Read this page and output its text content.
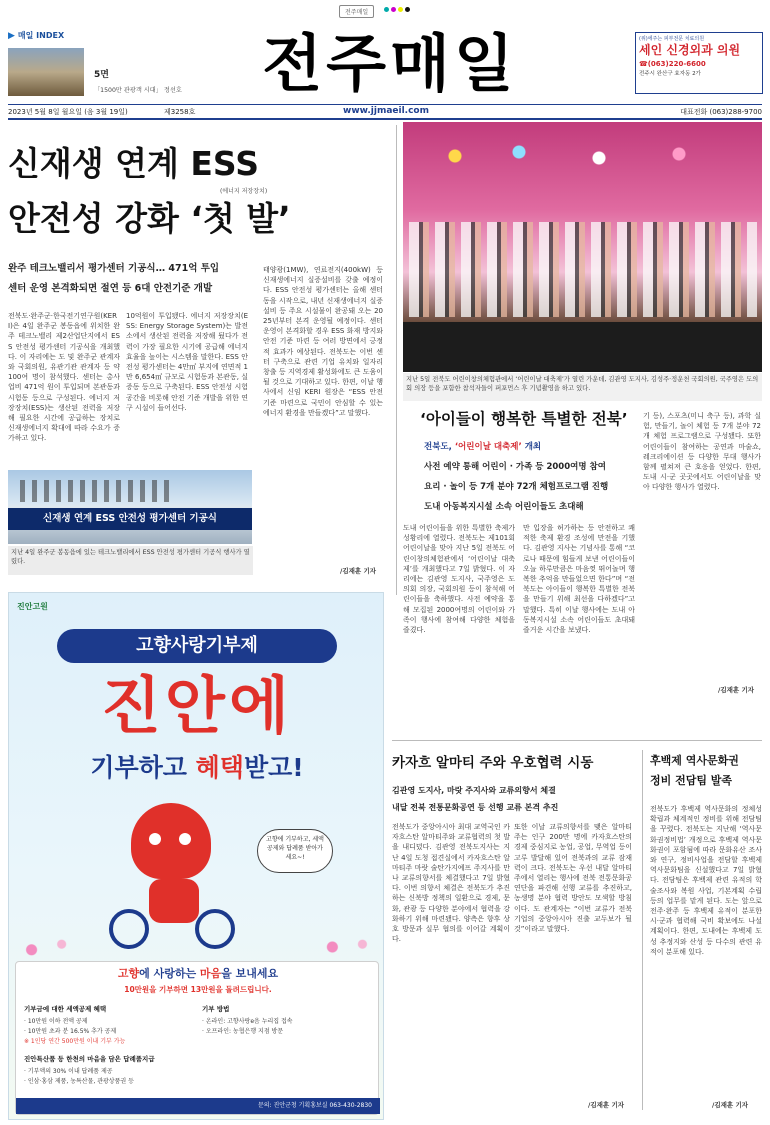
전주매일
▶ 매일 INDEX
5면
「1500만 관광객 시대」 정선호 전주매일	(위)에주는 피부전문 치료의원
세인 신경외과 의원
☎(063)220-6600
전주시 완산구 효자동 2가
2023년 5월 8일 월요일 (음 3월 19일)	제3258호	www.jjmaeil.com	대표전화 (063)288-9700
신재생 연계 ESS
(에너지 저장장치)
안전성 강화 ‘첫 발’
완주 테크노밸리서 평가센터 기공식… 471억 투입
센터 운영 본격화되면 절연 등 6대 안전기준 개발
전북도·완주군·한국전기연구원(KERI)은 4일 완주군 봉동읍에 위치한 완주 테크노밸리 제2산업단지에서 ESS 안전성 평가센터 기공식을 개최했다. 이 자리에는 도 및 완주군 관계자와 국회의원, 유관기관 관계자 등 약 100여 명이 참석했다. 센터는 총사업비 471억 원이 투입되며 본관동과 시험동 등으로 구성된다. 에너지 저장장치(ESS)는 생산된 전력을 저장해 필요한 시간에 공급하는 장치로 신재생에너지 확대에 따라 수요가 증가하고 있다.
10억원이 투입됐다. 에너지 저장장치(ESS: Energy Storage System)는 발전소에서 생산된 전력을 저장해 뒀다가 전력이 가장 필요한 시기에 공급해 에너지 효율을 높이는 시스템을 말한다. ESS 안전성 평가센터는 4만㎡ 부지에 연면적 1만 6,654㎡ 규모로 시험동과 본관동, 실증동 등으로 구축된다. ESS 안전성 시험 공간을 비롯해 안전 기준 개발을 위한 연구 시설이 들어선다.
태양광(1MW), 연료전지(400kW) 등 신재생에너지 실증설비를 갖출 예정이다. ESS 안전성 평가센터는 올해 센터동을 시작으로, 내년 신재생에너지 실증설비 등 주요 시설물이 완공돼 오는 2025년부터 본격 운영될 예정이다. 센터 운영이 본격화할 경우 ESS 화재 방지와 안전 기준 마련 등 여러 방면에서 긍정적 효과가 예상된다. 전북도는 이번 센터 구축으로 관련 기업 유치와 일자리 창출 등 지역경제 활성화에도 큰 도움이 될 것으로 기대하고 있다. 한편, 이날 행사에서 신임 KERI 원장은 “ESS 안전 기준 마련으로 국민이 안심할 수 있는 에너지 환경을 만들겠다”고 말했다.
/김재훈 기자
신재생 연계 ESS 안전성 평가센터 기공식
지난 4일 완주군 봉동읍에 있는 테크노밸리에서 ESS 안전성 평가센터 기공식 행사가 열렸다.
지난 5일 전북도 어린이창의체험관에서 ‘어린이날 대축제’가 열린 가운데, 김관영 도지사, 김성주·정운천 국회의원, 국주영은 도의회 의장 등을 포함한 참석자들이 퍼포먼스 후 기념촬영을 하고 있다.
‘아이들이 행복한 특별한 전북’
전북도, ‘어린이날 대축제’ 개최
사전 예약 통해 어린이 · 가족 등 2000여명 참여
요리 · 놀이 등 7개 분야 72개 체험프로그램 진행
도내 아동복지시설 소속 어린이들도 초대해
도내 어린이들을 위한 특별한 축제가 성황리에 열렸다. 전북도는 제101회 어린이날을 맞아 지난 5일 전북도 어린이창의체험관에서 ‘어린이날 대축제’를 개최했다고 7일 밝혔다. 이 자리에는 김관영 도지사, 국주영은 도의회 의장, 국회의원 등이 참석해 어린이들을 축하했다. 사전 예약을 통해 모집된 2000여명의 어린이와 가족이 행사에 참여해 다양한 체험을 즐겼다.
만 입장을 허가하는 등 안전하고 쾌적한 축제 환경 조성에 만전을 기했다. 김관영 지사는 기념사를 통해 “코로나 때문에 힘들게 보낸 어린이들이 오늘 하루만큼은 마음껏 뛰어놀며 행복한 추억을 만들었으면 한다”며 “전북도는 아이들이 행복한 특별한 전북을 만들기 위해 최선을 다하겠다”고 말했다. 특히 이날 행사에는 도내 아동복지시설 소속 어린이들도 초대돼 즐거운 시간을 보냈다.
기 등), 스포츠(미니 축구 등), 과학 실험, 만들기, 놀이 체험 등 7개 분야 72개 체험 프로그램으로 구성됐다. 또한 어린이들이 참여하는 공연과 마술쇼, 레크리에이션 등 다양한 무대 행사가 함께 펼쳐져 큰 호응을 얻었다. 한편, 도내 시·군 곳곳에서도 어린이날을 맞아 다양한 행사가 열렸다.
/김재훈 기자
진안고원
고향사랑기부제
진안에
기부하고 혜택받고!
고향에 기부하고, 세액공제와 답례품 받아가세요~!
고향에 사랑하는 마음을 보내세요
10만원을 기부하면 13만원을 돌려드립니다.
기부금에 대한 세액공제 혜택
· 10만원 이하 전액 공제
· 10만원 초과 분 16.5% 추가 공제
※ 1인당 연간 500만원 이내 기부 가능
기부 방법
· 온라인: 고향사랑e음 누리집 접속
· 오프라인: 농협은행 지점 방문
진안특산품 등 한천의 마음을 담은 답례품지급
· 기부액의 30% 이내 답례품 제공
· 인삼·홍삼 제품, 농특산물, 관광상품권 등
문의: 진안군청 기획홍보실 063-430-2830
카자흐 알마티 주와 우호협력 시동
김관영 도지사, 마랏 주지사와 교류의향서 체결
내달 전북 전통문화공연 등 선행 교류 본격 추진
전북도가 중앙아시아 최대 교역국인 카자흐스탄 알마티주와 교류협력의 첫 발을 내디뎠다. 김관영 전북도지사는 지난 4일 도청 접견실에서 카자흐스탄 알마티주 마랏 술탄가지예프 주지사를 만나 교류의향서를 체결했다고 7일 밝혔다. 이번 의향서 체결은 전북도가 추진하는 신북방 정책의 일환으로 경제, 문화, 관광 등 다양한 분야에서 협력을 강화하기 위해 마련됐다. 양측은 향후 상호 방문과 실무 협의를 이어갈 계획이다.
또한 이날 교류의향서를 맺은 알마티 주는 인구 200만 명에 카자흐스탄의 경제 중심지로 농업, 공업, 무역업 등이 고루 발달해 있어 전북과의 교류 잠재력이 크다. 전북도는 우선 내달 알마티 주에서 열리는 행사에 전북 전통문화공연단을 파견해 선행 교류를 추진하고, 농생명 분야 협력 방안도 모색할 방침이다. 도 관계자는 “이번 교류가 전북 기업의 중앙아시아 진출 교두보가 될 것”이라고 말했다.
/김재훈 기자
후백제 역사문화권
정비 전담팀 발족
전북도가 후백제 역사문화의 정체성 확립과 체계적인 정비를 위해 전담팀을 꾸렸다. 전북도는 지난해 ‘역사문화권정비법’ 개정으로 후백제 역사문화권이 포함됨에 따라 문화유산 조사와 연구, 정비사업을 전담할 후백제역사문화팀을 신설했다고 7일 밝혔다. 전담팀은 후백제 관련 유적의 학술조사와 복원 사업, 기본계획 수립 등의 업무를 맡게 된다. 도는 앞으로 전주·완주 등 후백제 유적이 분포한 시·군과 협력해 국비 확보에도 나설 계획이다. 한편, 도내에는 후백제 도성 추정지와 산성 등 다수의 관련 유적이 분포해 있다.
/김재훈 기자
